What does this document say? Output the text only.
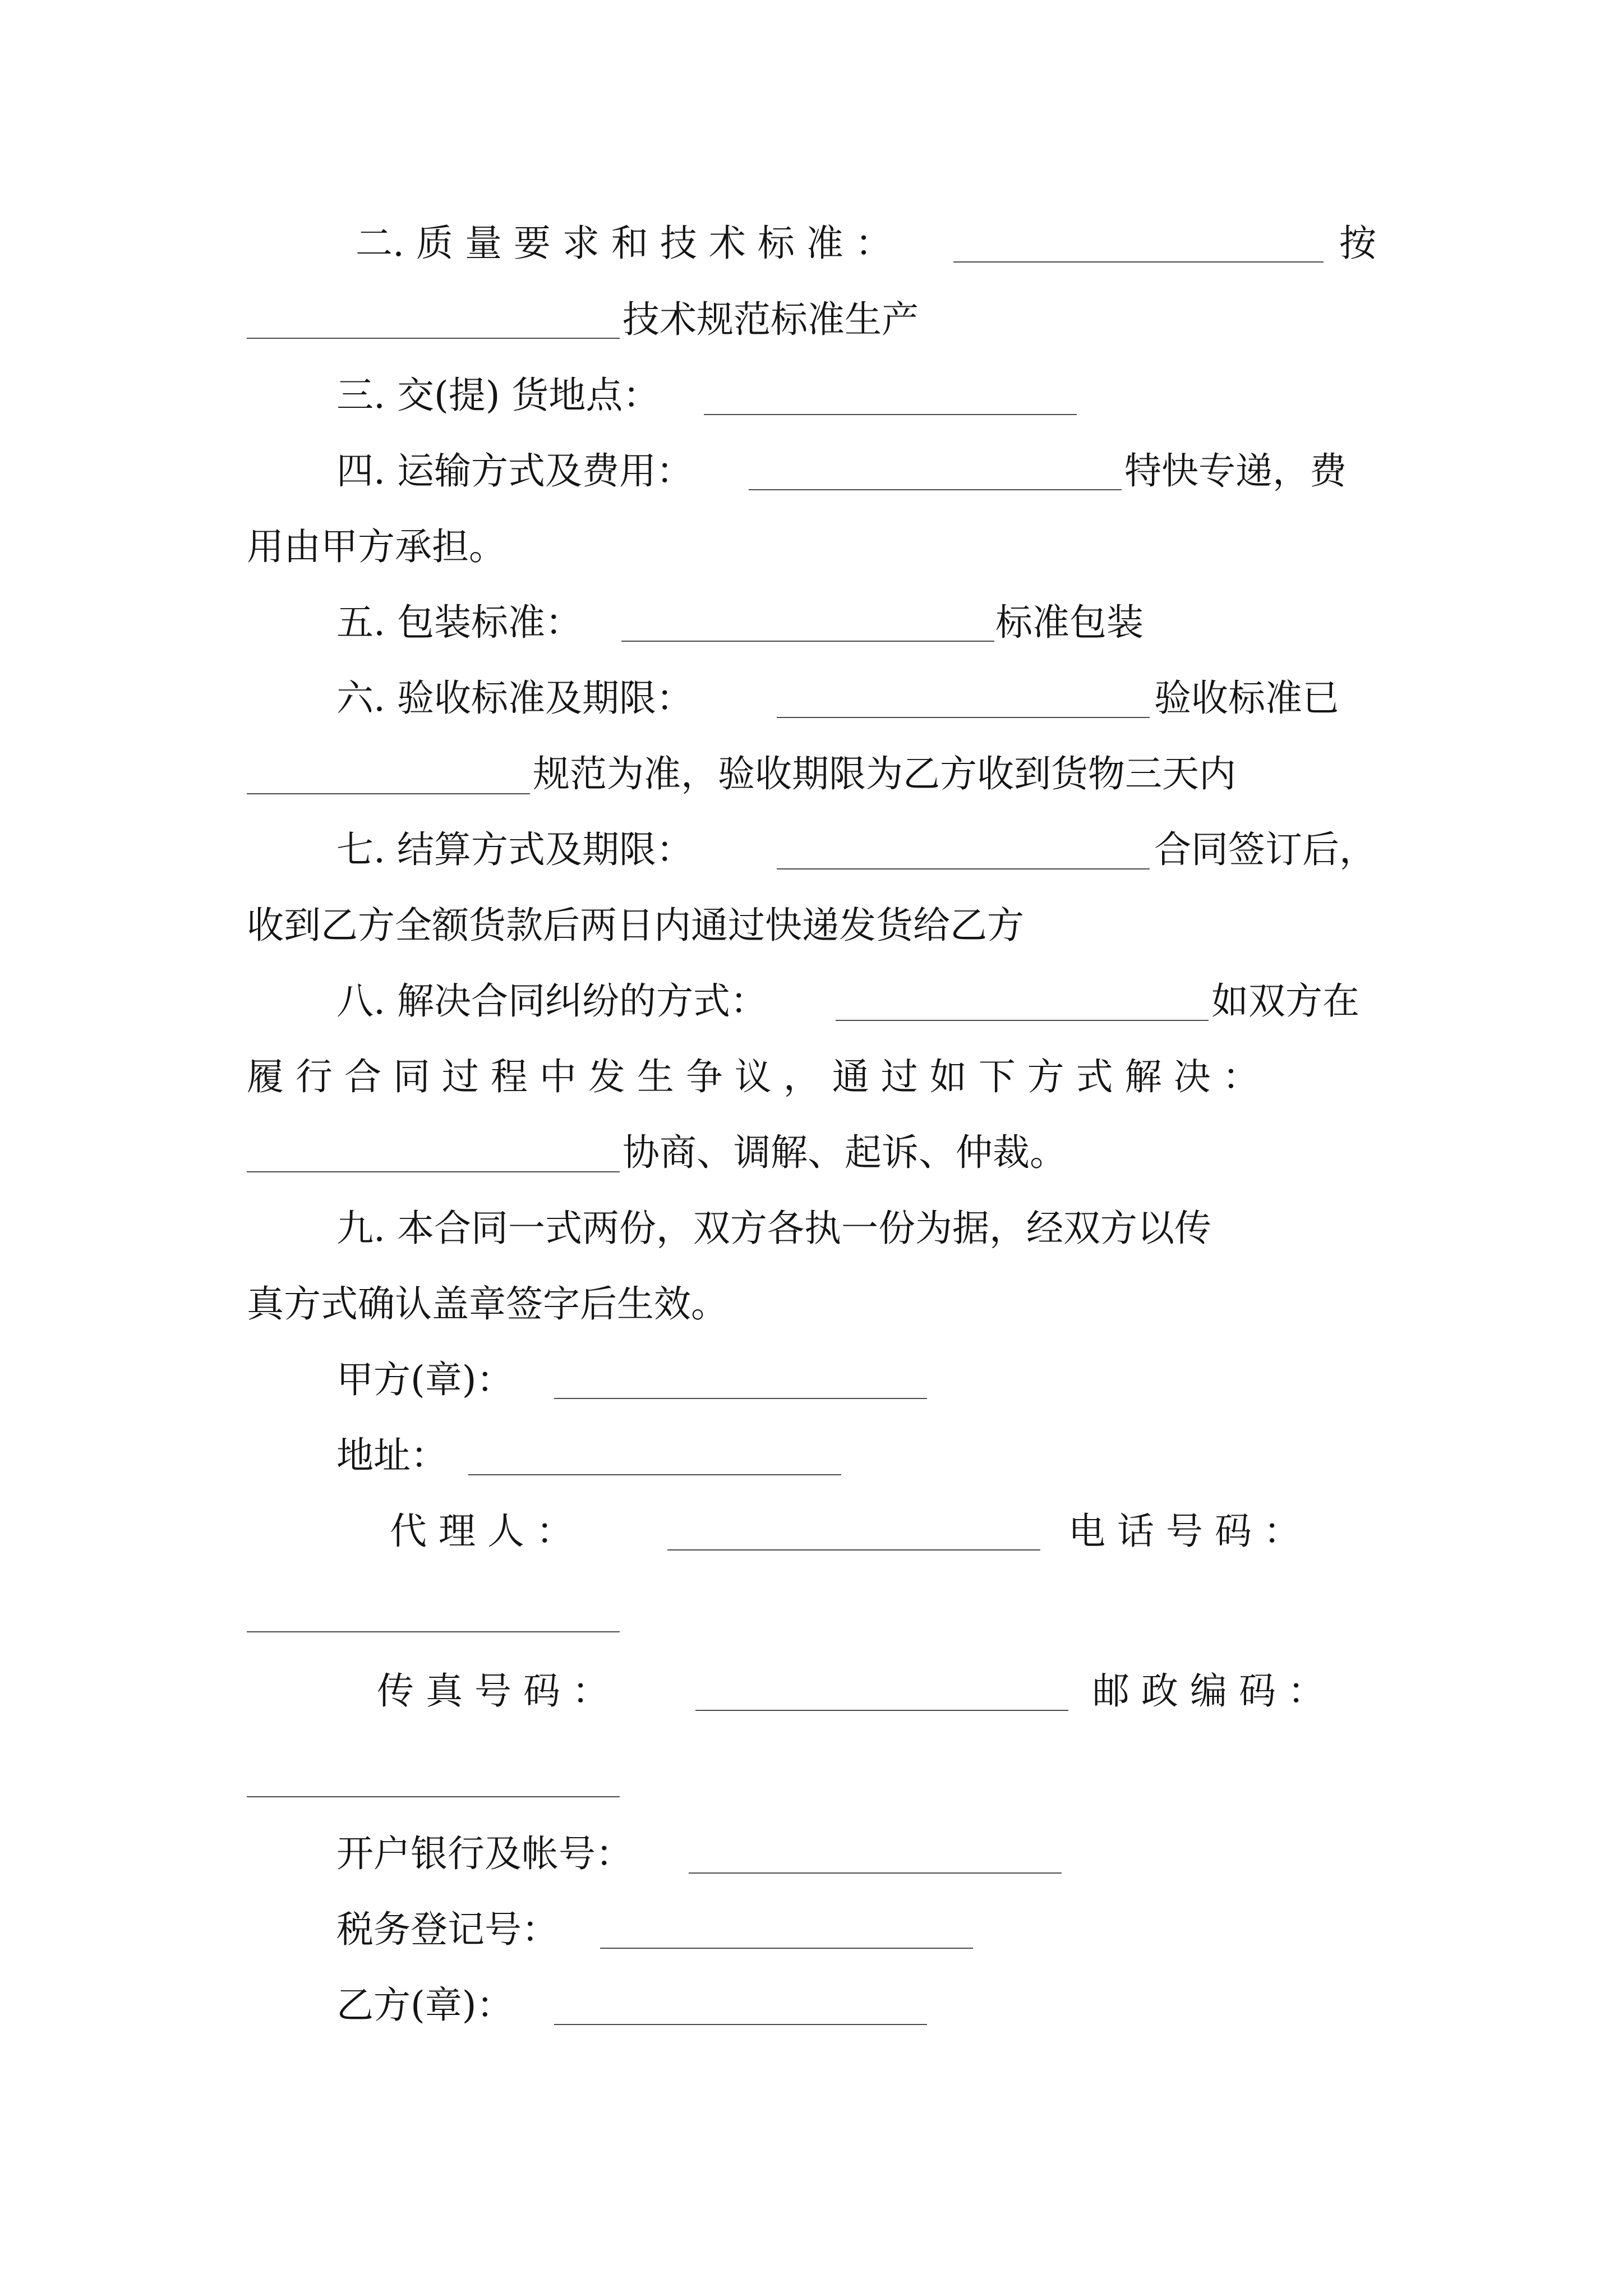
二. 质 量 要 求 和 技 术 标 准 ：	按

技术规范标准生产

三. 交(提) 货地点：

四. 运输方式及费用：	特快专递，费

用由甲方承担。

五. 包装标准：	标准包装

六. 验收标准及期限：	验收标准已

规范为准，验收期限为乙方收到货物三天内

七. 结算方式及期限：	合同签订后，

收到乙方全额货款后两日内通过快递发货给乙方

八. 解决合同纠纷的方式：	如双方在

履 行 合 同 过 程 中 发 生 争 议 ， 通 过 如 下 方 式 解 决 ：

协商、调解、起诉、仲裁。

九. 本合同一式两份，双方各执一份为据，经双方以传

真方式确认盖章签字后生效。

甲方(章)：

地址：

代 理 人 ：	电 话 号 码 ：

传 真 号 码 ：	邮 政 编 码 ：

开户银行及帐号：

税务登记号：

乙方(章)：
